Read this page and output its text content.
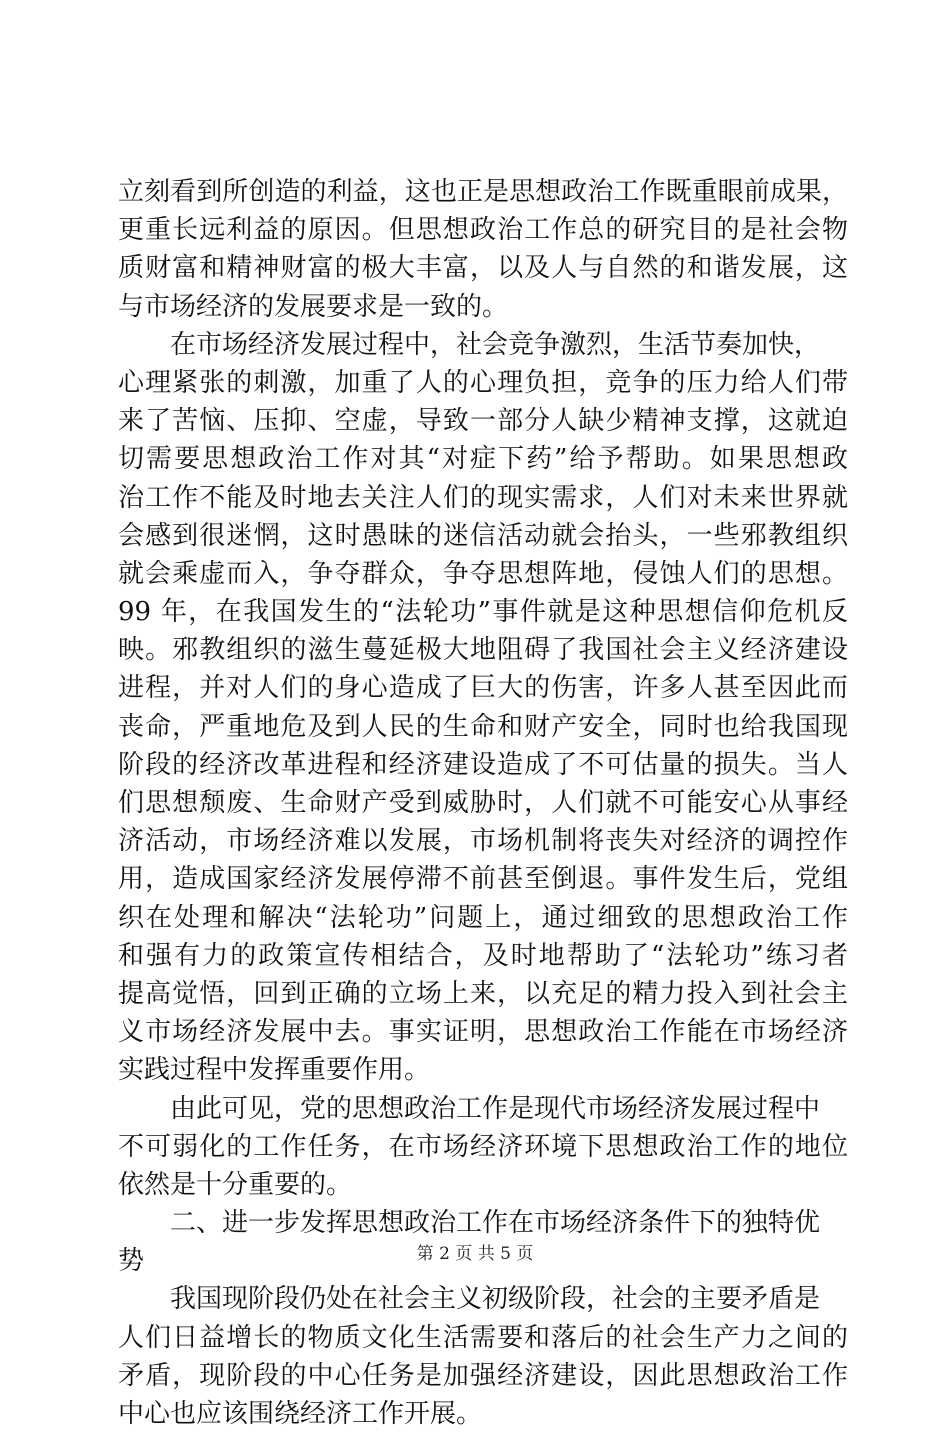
立刻看到所创造的利益，这也正是思想政治工作既重眼前成果，
更重长远利益的原因。但思想政治工作总的研究目的是社会物
质财富和精神财富的极大丰富，以及人与自然的和谐发展，这
与市场经济的发展要求是一致的。
在市场经济发展过程中，社会竞争激烈，生活节奏加快，
心理紧张的刺激，加重了人的心理负担，竞争的压力给人们带
来了苦恼、压抑、空虚，导致一部分人缺少精神支撑，这就迫
切需要思想政治工作对其“对症下药”给予帮助。如果思想政
治工作不能及时地去关注人们的现实需求，人们对未来世界就
会感到很迷惘，这时愚昧的迷信活动就会抬头，一些邪教组织
就会乘虚而入，争夺群众，争夺思想阵地，侵蚀人们的思想。
99 年，在我国发生的“法轮功”事件就是这种思想信仰危机反
映。邪教组织的滋生蔓延极大地阻碍了我国社会主义经济建设
进程，并对人们的身心造成了巨大的伤害，许多人甚至因此而
丧命，严重地危及到人民的生命和财产安全，同时也给我国现
阶段的经济改革进程和经济建设造成了不可估量的损失。当人
们思想颓废、生命财产受到威胁时，人们就不可能安心从事经
济活动，市场经济难以发展，市场机制将丧失对经济的调控作
用，造成国家经济发展停滞不前甚至倒退。事件发生后，党组
织在处理和解决“法轮功”问题上，通过细致的思想政治工作
和强有力的政策宣传相结合，及时地帮助了“法轮功”练习者
提高觉悟，回到正确的立场上来，以充足的精力投入到社会主
义市场经济发展中去。事实证明，思想政治工作能在市场经济
实践过程中发挥重要作用。
由此可见，党的思想政治工作是现代市场经济发展过程中
不可弱化的工作任务，在市场经济环境下思想政治工作的地位
依然是十分重要的。
二、进一步发挥思想政治工作在市场经济条件下的独特优
势
我国现阶段仍处在社会主义初级阶段，社会的主要矛盾是
人们日益增长的物质文化生活需要和落后的社会生产力之间的
矛盾，现阶段的中心任务是加强经济建设，因此思想政治工作
中心也应该围绕经济工作开展。
第 2 页 共 5 页
